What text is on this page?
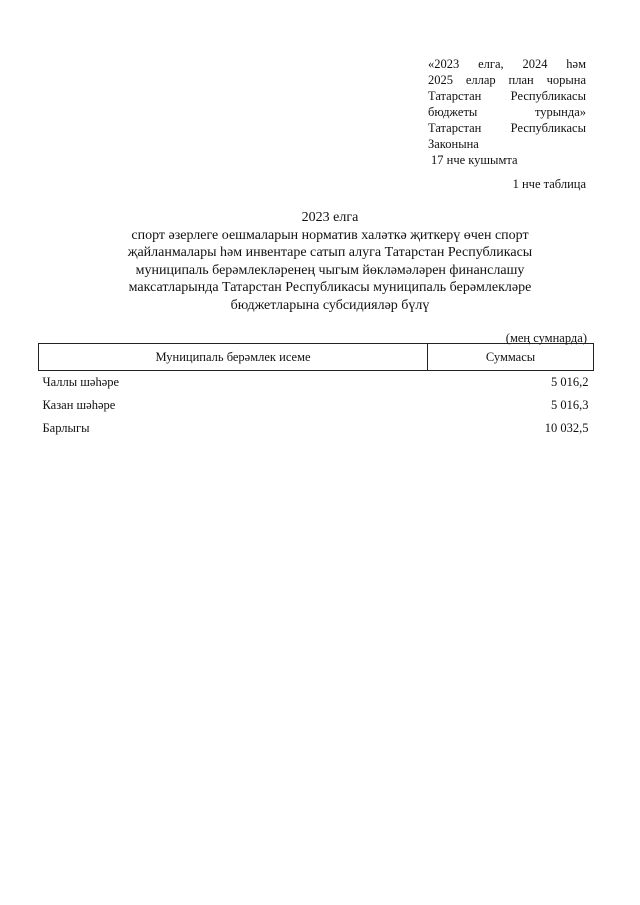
«2023 елга, 2024 һәм
2025 еллар план чорына
Татарстан Республикасы
бюджеты турында»
Татарстан Республикасы
Законына
17 нче кушымта
1 нче таблица
2023 елга
спорт әзерлеге оешмаларын норматив халәткә җиткерү өчен спорт
җайланмалары һәм инвентаре сатып алуга Татарстан Республикасы
муниципаль берәмлекләренең чыгым йөкләмәләрен финанслашу
максатларында Татарстан Республикасы муниципаль берәмлекләре
бюджетларына субсидияләр бүлү
(мең сумнарда)
Муниципаль берәмлек исеме	Суммасы
Чаллы шәһәре	5 016,2
Казан шәһәре	5 016,3
Барлыгы	10 032,5
